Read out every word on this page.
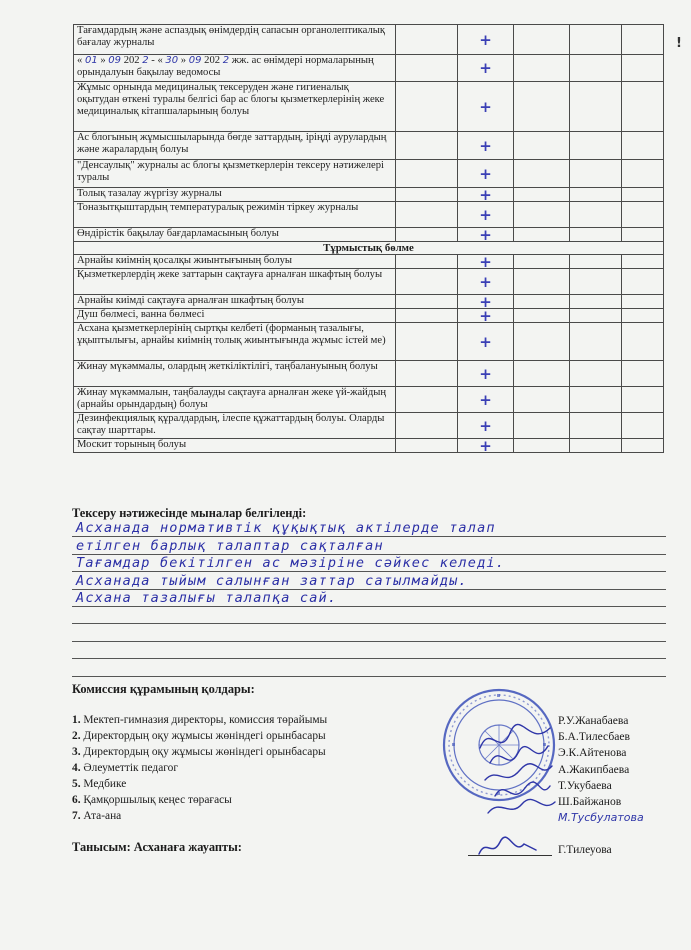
Тағамдардың және аспаздық өнімдердің сапасын органолептикалық бағалау журналы		+			
« 01 » 09 202 2 - « 30 » 09 202 2 жж. ас өнімдері нормаларының орындалуын бақылау ведомосы		+			
Жұмыс орнында медициналық тексеруден және гигиеналық оқытудан өткені туралы белгісі бар ас блогы қызметкерлерінің жеке медициналық кітапшаларының болуы		+			
Ас блогының жұмысшыларында бөгде заттардың, іріңді аурулардың және жаралардың болуы		+			
"Денсаулық" журналы ас блогы қызметкерлерін тексеру нәтижелері туралы		+			
Толық тазалау жүргізу журналы		+			
Тоназытқыштардың температуралық режимін тіркеу журналы		+			
Өндірістік бақылау бағдарламасының болуы		+			
Тұрмыстық бөлме					
Арнайы киімнің қосалқы жиынтығының болуы		+			
Қызметкерлердің жеке заттарын сақтауға арналған шкафтың болуы		+			
Арнайы киімді сақтауға арналған шкафтың болуы		+			
Душ бөлмесі, ванна бөлмесі		+			
Асхана қызметкерлерінің сыртқы келбеті (форманың тазалығы, ұқыптылығы, арнайы киімнің толық жиынтығында жұмыс істей ме)		+			
Жинау мүкәммалы, олардың жеткіліктілігі, таңбалануының болуы		+			
Жинау мүкәммалын, таңбалауды сақтауға арналған жеке үй-жайдың (арнайы орындардың) болуы		+			
Дезинфекциялық құралдардың, ілеспе құжаттардың болуы. Оларды сақтау шарттары.		+			
Москит торының болуы		+			
!
Тексеру нәтижесінде мыналар белгіленді:
Асханада нормативтік құқықтық актілерде талап
етілген барлық талаптар сақталған
Тағамдар бекітілген ас мәзіріне сәйкес келеді.
Асханада тыйым салынған заттар сатылмайды.
Асхана тазалығы талапқа сай.
Комиссия құрамының қолдары:
1. Мектеп-гимназия директоры, комиссия төрайымы
2. Директордың оқу жұмысы жөніндегі орынбасары
3. Директордың оқу жұмысы жөніндегі орынбасары
4. Әлеуметтік педагог
5. Медбике
6. Қамқоршылық кеңес төрағасы
7. Ата-ана
Р.У.Жанабаева
Б.А.Тилесбаев
Э.К.Айтенова
А.Жакипбаева
Т.Укубаева
Ш.Байжанов
М.Тусбулатова
Танысым: Асханаға жауапты:	Г.Тилеуова
